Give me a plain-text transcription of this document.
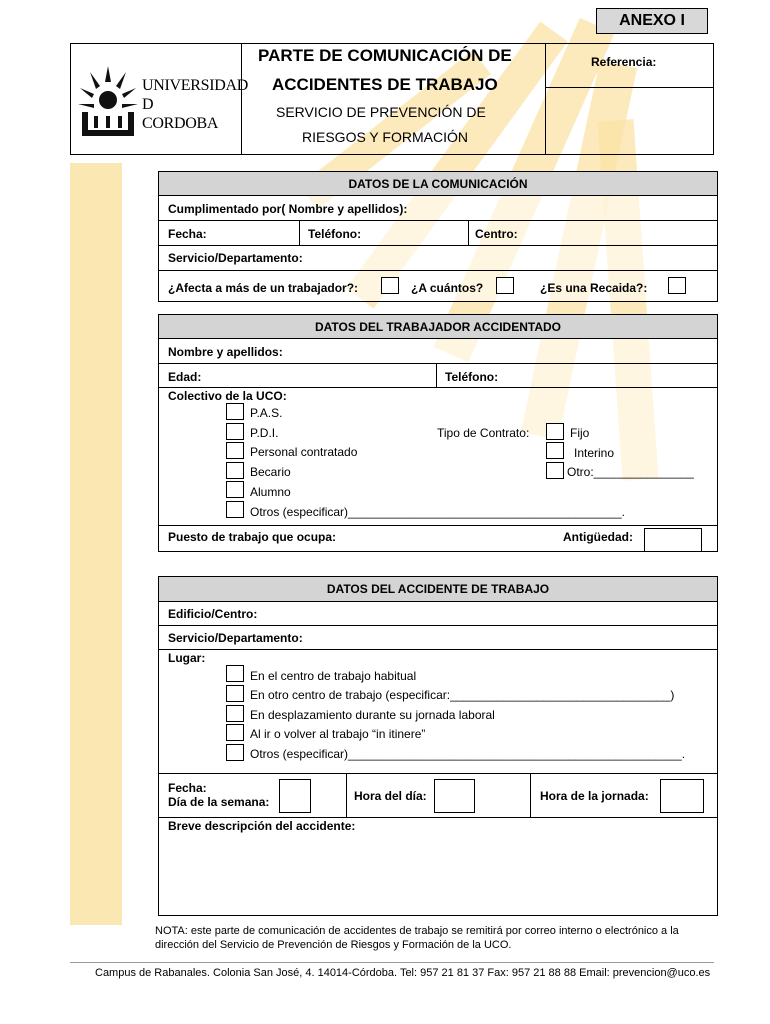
ANEXO I
UNIVERSIDAD
D
CORDOBA
PARTE DE COMUNICACIÓN DE
ACCIDENTES DE TRABAJO
SERVICIO DE PREVENCIÓN DE
RIESGOS Y FORMACIÓN
Referencia:
DATOS DE LA COMUNICACIÓN
Cumplimentado por( Nombre y apellidos):
Fecha:	Teléfono:	Centro:
Servicio/Departamento:
¿Afecta a más de un trabajador?:	¿A cuántos?	¿Es una Recaida?:
DATOS DEL TRABAJADOR ACCIDENTADO
Nombre y apellidos:
Edad:	Teléfono:
Colectivo de la UCO:
P.A.S.
P.D.I.
Personal contratado
Becario
Alumno
Otros (especificar)_________________________________________.
Tipo de Contrato:	Fijo
Interino
Otro:_______________
Puesto de trabajo que ocupa:	Antigüedad:
DATOS DEL ACCIDENTE DE TRABAJO
Edificio/Centro:
Servicio/Departamento:
Lugar:
En el centro de trabajo habitual
En otro centro de trabajo (especificar:_________________________________)
En desplazamiento durante su jornada laboral
Al ir o volver al trabajo “in itinere”
Otros (especificar)__________________________________________________.
Fecha:
Día de la semana:	Hora del día:	Hora de la jornada:
Breve descripción del accidente:
NOTA: este parte de comunicación de accidentes de trabajo se remitirá por correo interno o electrónico a la dirección del Servicio de Prevención de Riesgos y Formación de la UCO.
Campus de Rabanales. Colonia San José, 4. 14014-Córdoba. Tel: 957 21 81 37 Fax: 957 21 88 88 Email: prevencion@uco.es
